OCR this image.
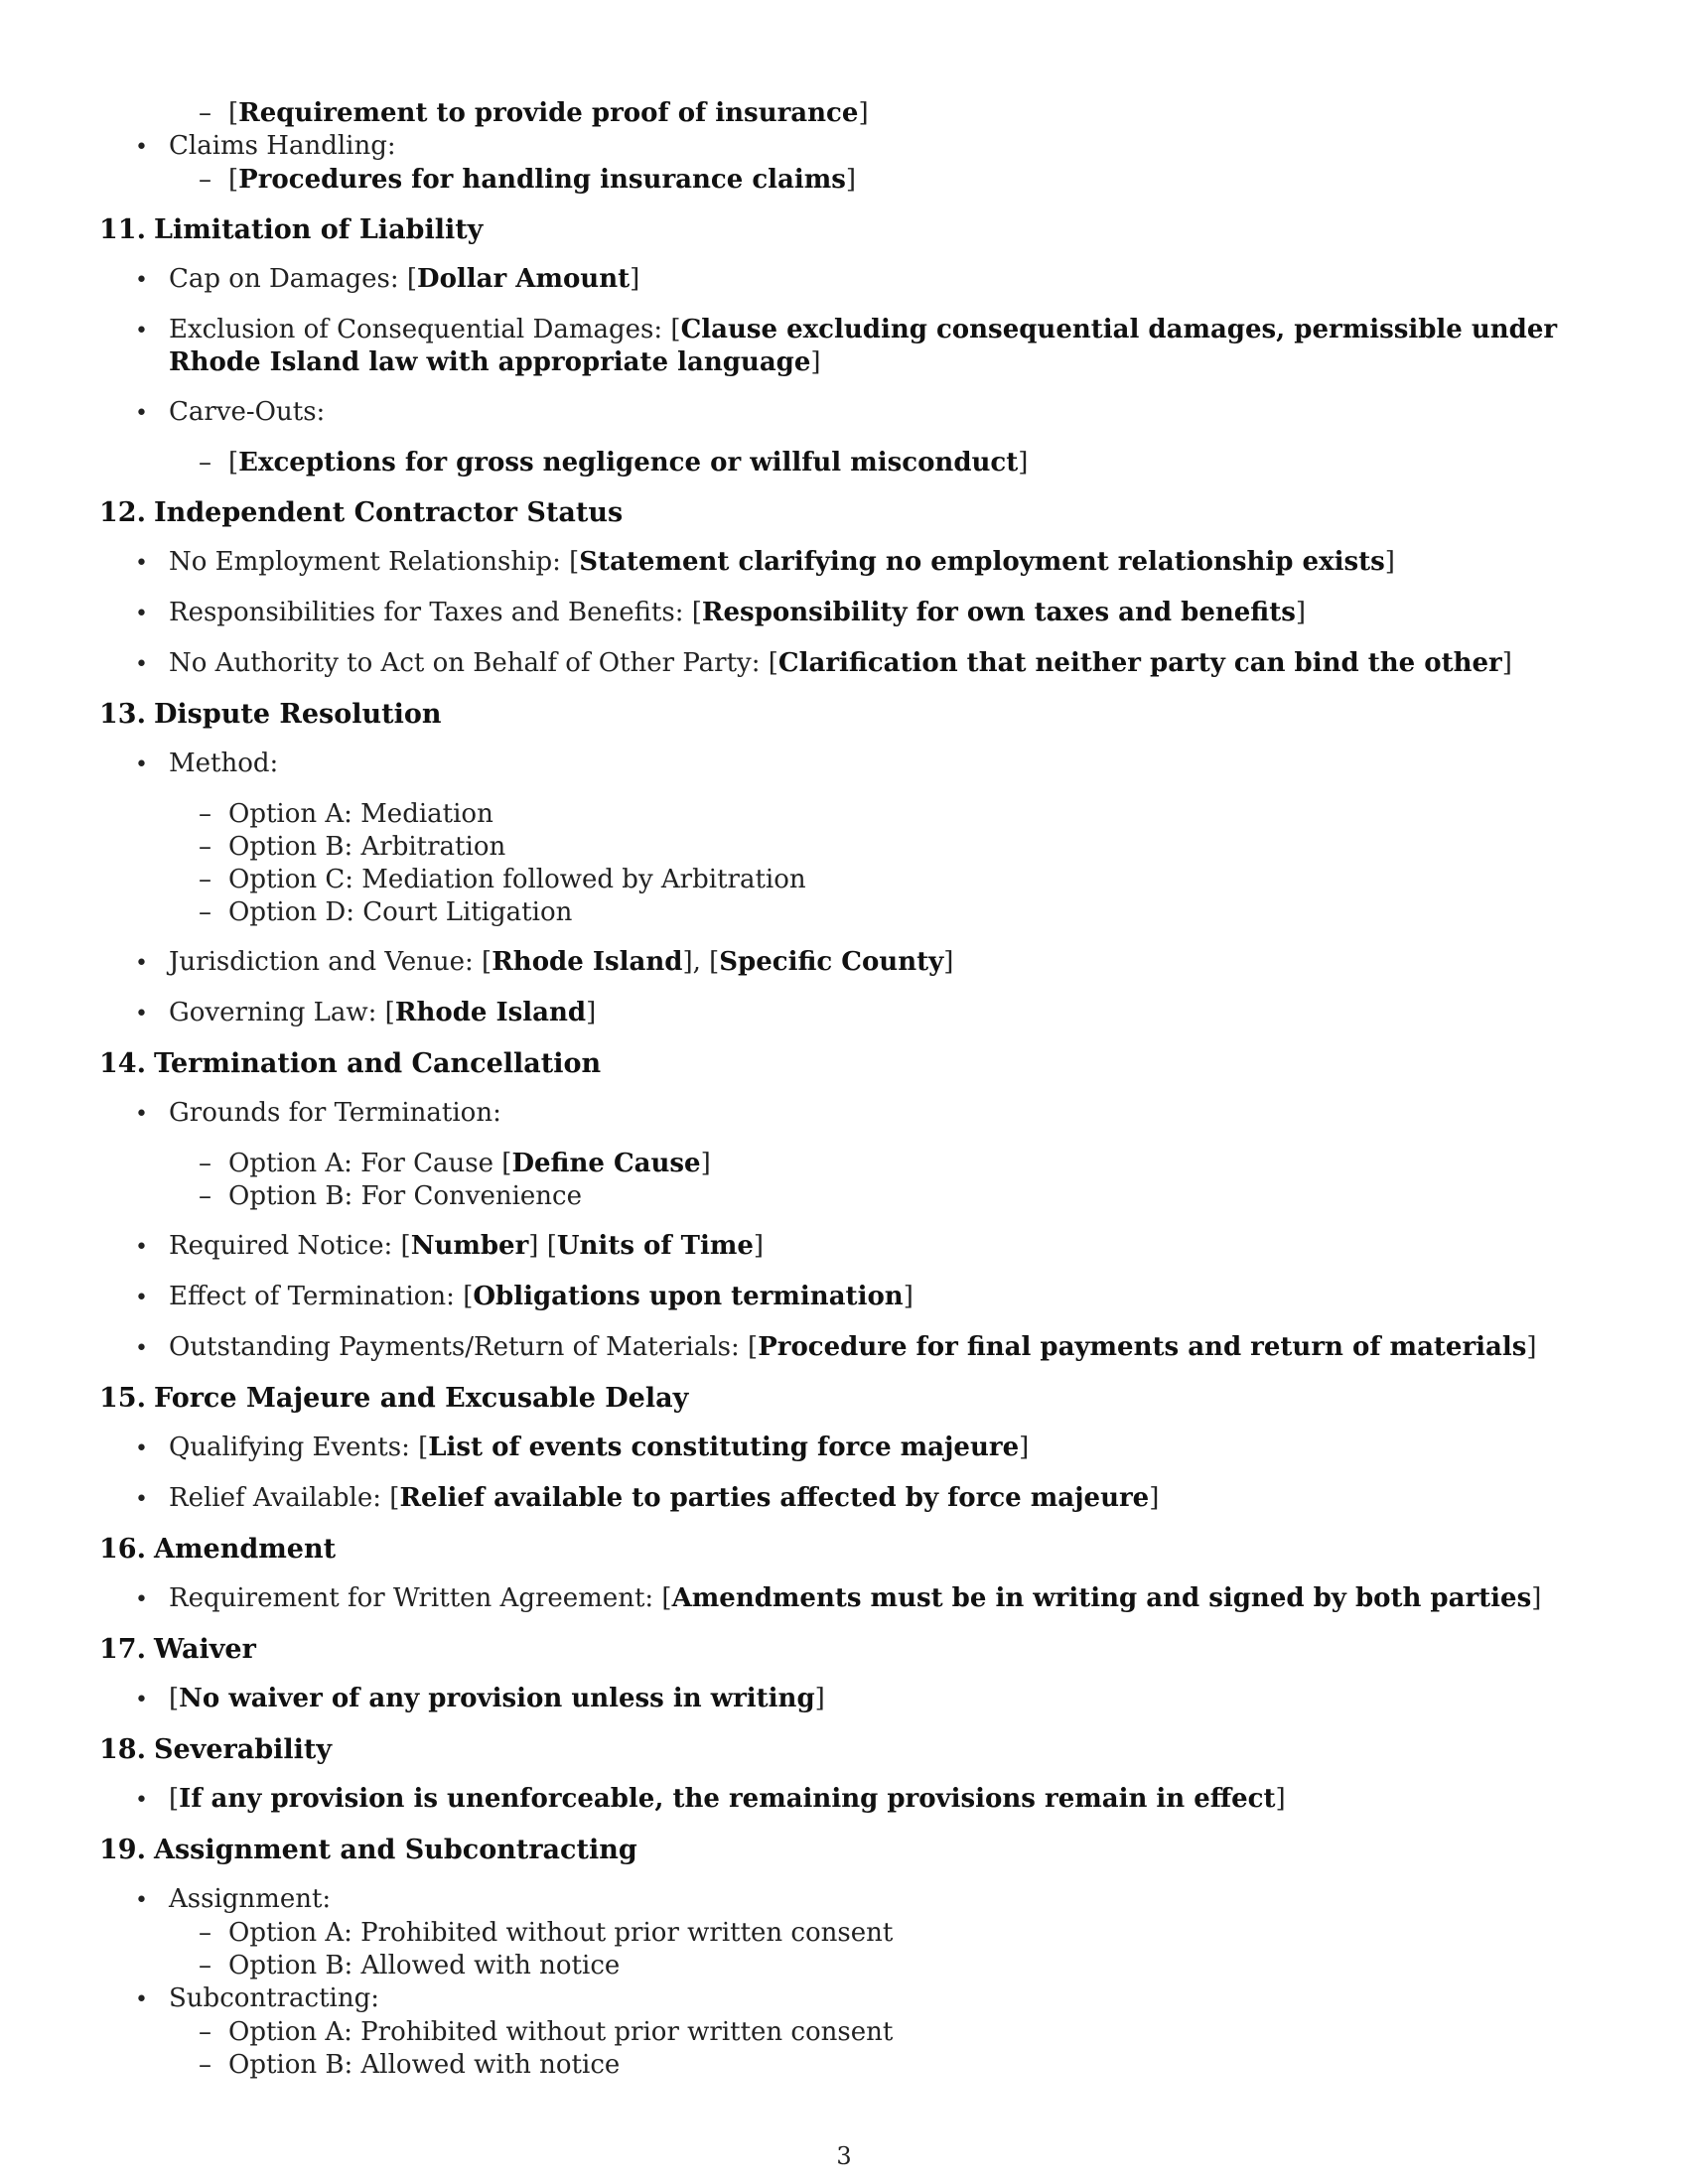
– [Requirement to provide proof of insurance]
• Claims Handling:
– [Procedures for handling insurance claims]
11. Limitation of Liability
• Cap on Damages: [Dollar Amount]
• Exclusion of Consequential Damages: [Clause excluding consequential damages, permissible under Rhode Island law with appropriate language]
• Carve-Outs:
– [Exceptions for gross negligence or willful misconduct]
12. Independent Contractor Status
• No Employment Relationship: [Statement clarifying no employment relationship exists]
• Responsibilities for Taxes and Benefits: [Responsibility for own taxes and benefits]
• No Authority to Act on Behalf of Other Party: [Clarification that neither party can bind the other]
13. Dispute Resolution
• Method:
– Option A: Mediation
– Option B: Arbitration
– Option C: Mediation followed by Arbitration
– Option D: Court Litigation
• Jurisdiction and Venue: [Rhode Island], [Specific County]
• Governing Law: [Rhode Island]
14. Termination and Cancellation
• Grounds for Termination:
– Option A: For Cause [Define Cause]
– Option B: For Convenience
• Required Notice: [Number] [Units of Time]
• Effect of Termination: [Obligations upon termination]
• Outstanding Payments/Return of Materials: [Procedure for final payments and return of materials]
15. Force Majeure and Excusable Delay
• Qualifying Events: [List of events constituting force majeure]
• Relief Available: [Relief available to parties affected by force majeure]
16. Amendment
• Requirement for Written Agreement: [Amendments must be in writing and signed by both parties]
17. Waiver
• [No waiver of any provision unless in writing]
18. Severability
• [If any provision is unenforceable, the remaining provisions remain in effect]
19. Assignment and Subcontracting
• Assignment:
– Option A: Prohibited without prior written consent
– Option B: Allowed with notice
• Subcontracting:
– Option A: Prohibited without prior written consent
– Option B: Allowed with notice
3
